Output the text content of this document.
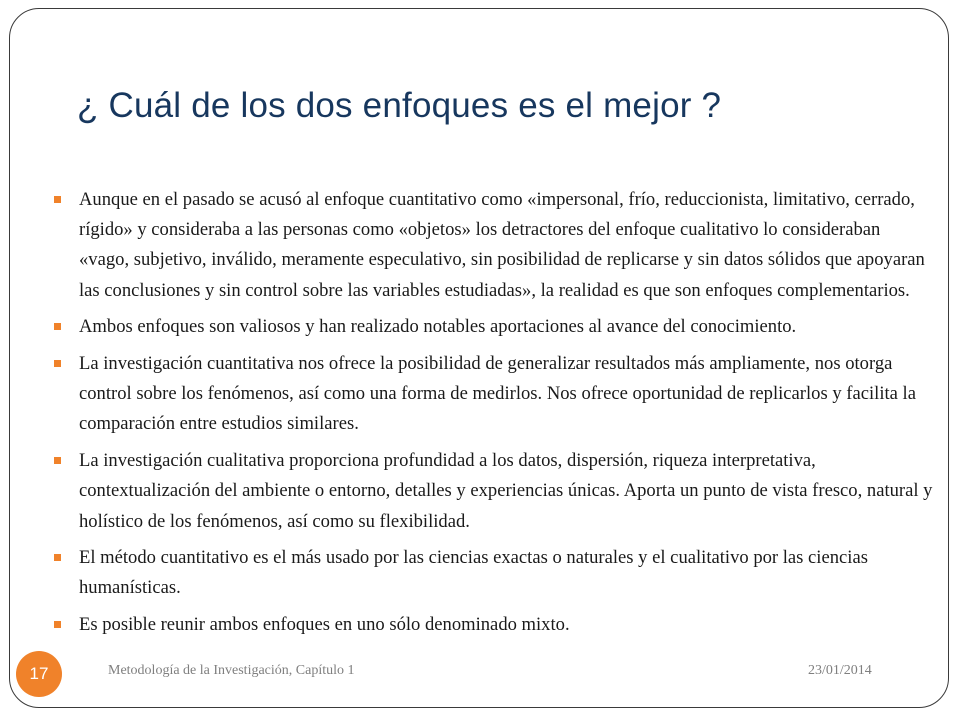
¿ Cuál de los dos enfoques es el mejor ?
Aunque en el pasado se acusó al enfoque cuantitativo como «impersonal, frío, reduccionista, limitativo, cerrado, rígido» y consideraba a las personas como «objetos» los detractores del enfoque cualitativo lo consideraban «vago, subjetivo, inválido, meramente especulativo, sin posibilidad de replicarse y sin datos sólidos que apoyaran las conclusiones y sin control sobre las variables estudiadas», la realidad es que son enfoques complementarios.
Ambos enfoques son valiosos y han realizado notables aportaciones al avance del conocimiento.
La investigación cuantitativa nos ofrece la posibilidad de generalizar resultados más ampliamente, nos otorga control sobre los fenómenos, así como una forma de medirlos. Nos ofrece oportunidad de replicarlos y facilita la comparación entre estudios similares.
La investigación cualitativa proporciona profundidad a los datos, dispersión, riqueza interpretativa, contextualización del ambiente o entorno, detalles y experiencias únicas. Aporta un punto de vista fresco, natural y holístico de los fenómenos, así como su flexibilidad.
El método cuantitativo es el más usado por las ciencias exactas o naturales y el cualitativo por las ciencias humanísticas.
Es posible reunir ambos enfoques en uno sólo denominado mixto.
Metodología de la Investigación, Capítulo 1	23/01/2014
17
